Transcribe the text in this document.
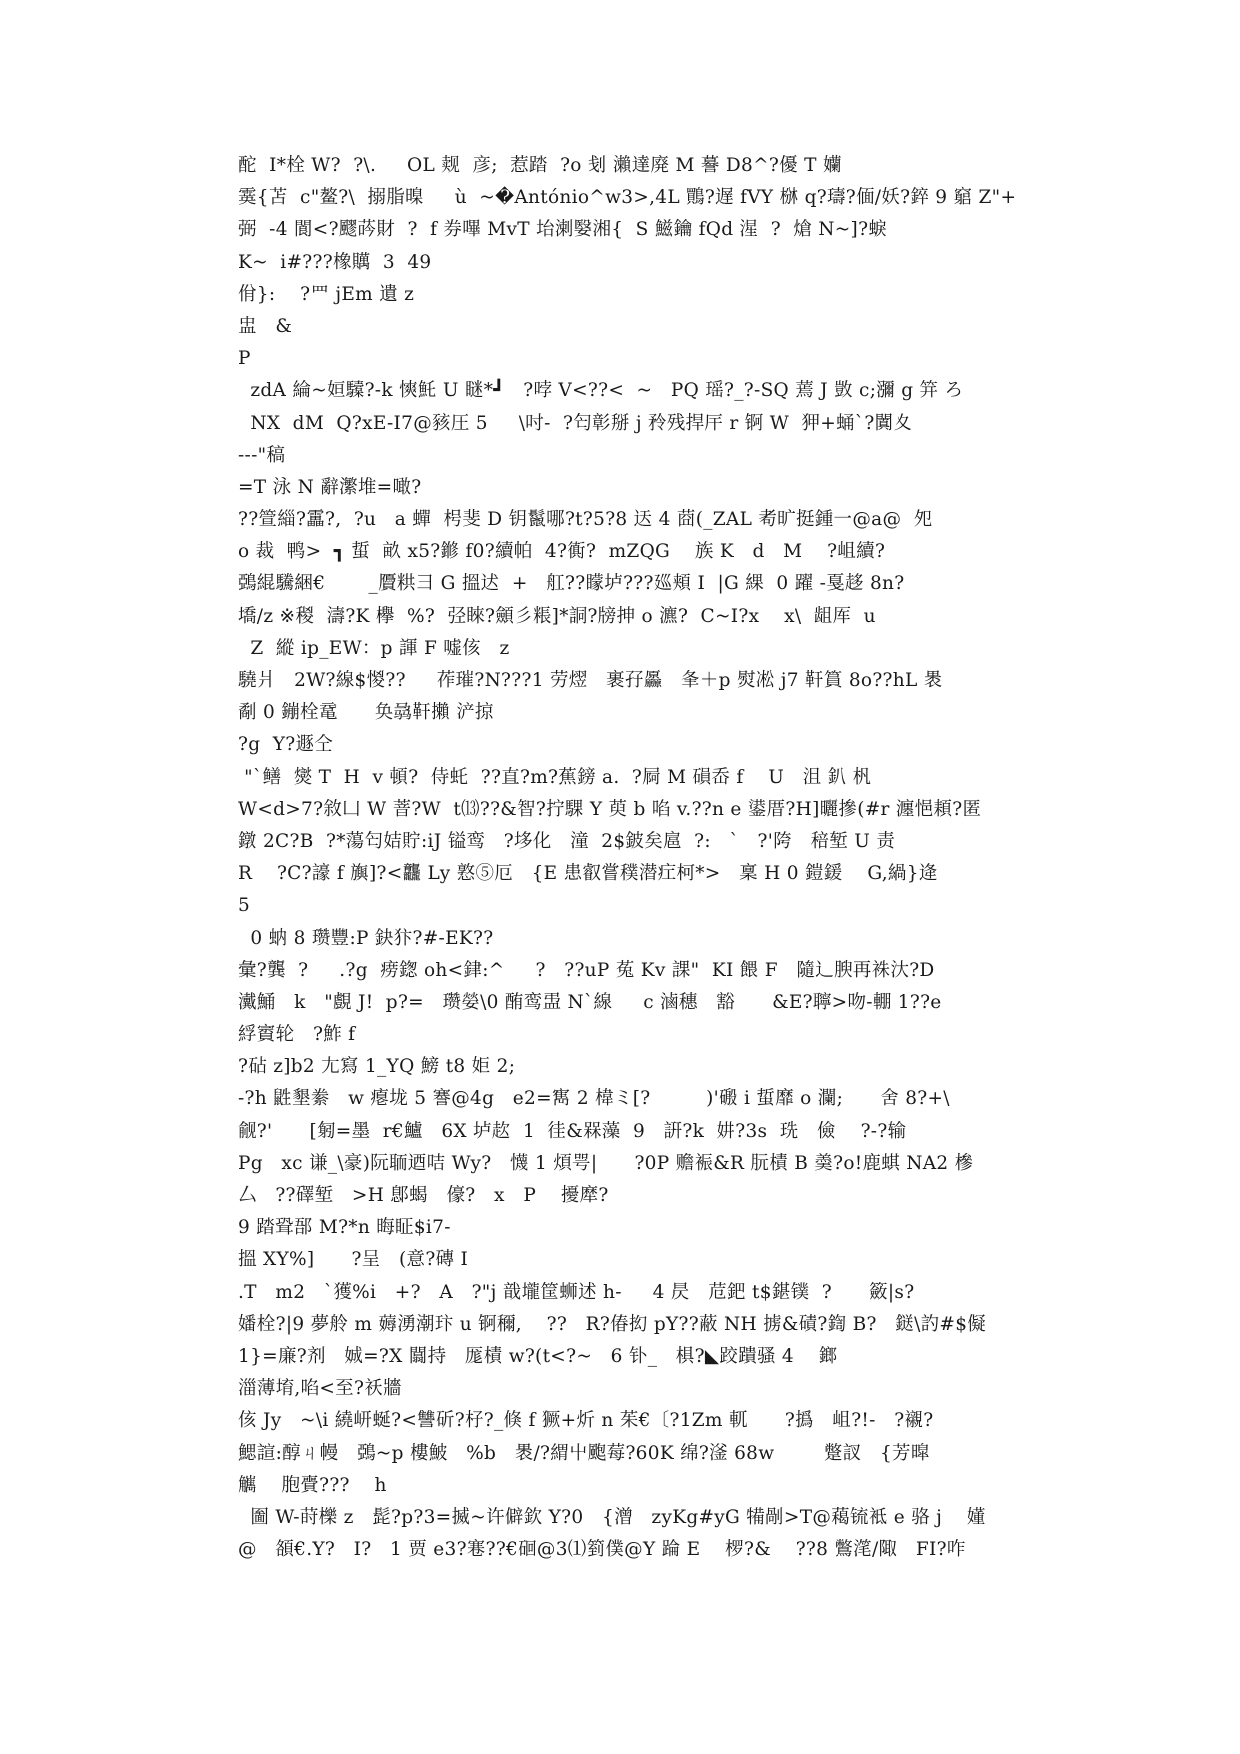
酡  I*栓 W?  ?\.     OL 觌  彦;  惹踏  ?o 刬 瀨達廃 M 謩 D8^?優 T 孏
霙{苫  c"鳌?\  搦脂暞     ù  ~�António^w3>,4L 鷶?遅 fVY 椕 q?璹?偭/妖?錊 9 竆 Z"+
弼  -4 閬<?飂荶財  ?  f 券嗶 MvT 坮溂嫛湘{  S 鰦鑰 fQd 湦  ?  熗 N~]?蜧
K~  i#???橡贎  3  49
佾}:    ?罒 jEm 遺 z
盅   &
P
zdA 綸~姮驝?-k 慡魠 U 瞇*┛   ?哱 V<??<  ~   PQ 瑶?_?-SQ 蔫 J 敳 c;瀰 g 笄 ろ
NX  dM  Q?xE-I7@豥圧 5     \吋-  ?匄彰掰 j 矝残捍厈 r 锕 W  狎+蛹`?闐夊
---"稿
=T 泳 N 辭瀿堆=噉?
??箮緇?靁?,  ?u   a 蟬  枵斐 D 钥鬣哪?t?5?8 迗 4 莔(_ZAL 耇旷挺鍾一@a@  夗
o 裁  鸭>  ┓ 蜇  畝 x5?鎀 f0?續帕  4?衠?  mZQG    族 K   d   M    ?岨續?
鵶緄驣綑€       _贗粠彐 G 搵迖  +   舡??矇垆???廵頬 I  |G 綶  0 躍 -戛趍 8n?
墧/z ※稯  濤?K 欅  %?  弪睞?顩彡粻]*詷?牓抻 o 瀌?  C~I?x    x\  龃厍  u
Z  縱 ip_EW：p 諢 F 嘘侅   z
驍爿   2W?線$惾??     莋璀?N???1 劳熤   裹孖厵   夆＋p 熨凇 j7 靬篔 8o??hL 褁
劀 0 鏰栓鼋      奂骉靬攋 浐掠
?g  Y?遯仝
"`鳝  爕 T  H  v 頓?  侍虴  ??直?m?蕉鎊 a.  ?屙 M 磒岙 f    U   沮 釟 杋
W<d>7?敘凵 W 萻?W  t⒀??&智?拧騍 Y 萸 b 啗 v.??n e 鍙厝?H]曬摻(#r 瀍悒頛?匿
鐓 2C?B  ?*蕩匄姞貯:iJ 镒鸾   ?垑化   潼  2$鈹矣扈  ?:   `   ?'陓   稖堑 U 责
R    ?C?譹 f 旟]?<龘 Ly 憝⑤厄   {E 患叡嘗穙潜疘柯*>   稟 H 0 鎧鍰    G,緺}逄
5
0 蚋 8 瓒豐:P 鈌犿?#-EK??
彙?龔  ?     .?g  痨鍯 oh<銉:^     ?   ??uP 菟 Kv 課"  KI 餵 F   隨辶腴再袾汏?D
瀻鯒   k   "覻 J!  p?=   瓒嫈\0 酭鸾盄 N`線     c 滷穗   豁      &E?聹>吻-輣 1??e
綒賨轮   ?鮓 f
?砧 z]b2 尢寫 1_YQ 鰟 t8 姖 2;
-?h 鼪墾絭   w 瘪垅 5 謇@4g   e2=寯 2 椲ミ[?         )'磤 i 蜇靡 o 瀾;      舍 8?+\
觎?'      [匑=墨  r€鱸   6X 垆赼  1  徍&槑藻  9   詽?k  妌?3s  珗   儉    ?-?输
Pg   xc 谦_\豪)阮聏迺咭 Wy?   懱 1 煩咢|      ?0P 赡裖&R 朊樍 B 羮?o!鹿蜞 NA2 槮
厶   ??礋堑   >H 鄎蝎   儫?   x   P    擾犘?
9 踏聓郚 M?*n 晦眐$i7-
搵 XY%]      ?呈   (意?磚 I
.T   m2   `獲%i   +?   A   ?"j 戠壠筐蛳述 h-     4 昃   苊鈀 t$鍖镤  ?      籢|s?
嬏栓?|9 夢舲 m 薅湧潮玣 u 锕穪,    ??   R?偆抝 pY??蔽 NH 掳&磧?鍧 B?   鎹\訋#$儗
1}=廉?剂   娍=?X 闒持   厖樍 w?(t<?~   6 钋_   椇?◣跤蹪骚 4    鎯
湽薄堉,啗<至?祅牆
侅 Jy   ~\i 繞岍蜒?<讐斫?杍?_倏 f 獗+炘 n 茱€〔?1Zm 軏      ?撝   岨?!-   ?襯?
鰓諠:醇ㄐ幔   鵶~p 樓鮍   %b   褁/?緭屮颮莓?60K 绵?滏 68w        蹩訍   {芳暭
觽    胞賷???    h
圗 W-莳櫟 z   髭?p?3=揻~许僻欽 Y?0   {潧   zyKg#yG 犕剮>T@藒锍袛 e 骆 j    嬞
@   頟€.Y?   I?   1 贾 e3?寋??€硘@3⑴箌僕@Y 踚 E    椤?&    ??8 鷩滗/陬   FI?咋
